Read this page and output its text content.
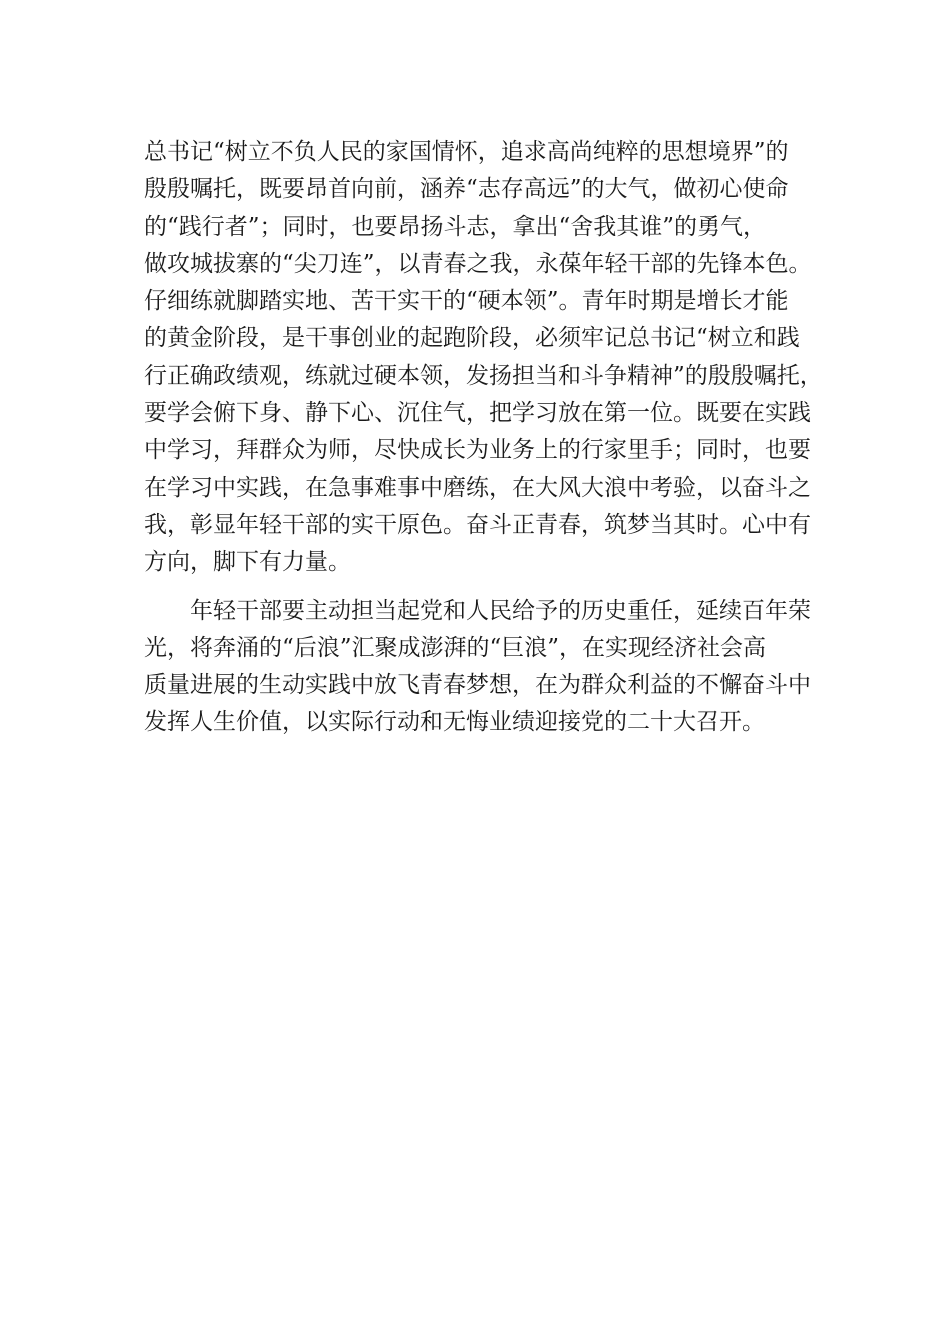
总书记“树立不负人民的家国情怀，追求高尚纯粹的思想境界”的
殷殷嘱托，既要昂首向前，涵养“志存高远”的大气，做初心使命
的“践行者”；同时，也要昂扬斗志，拿出“舍我其谁”的勇气，
做攻城拔寨的“尖刀连”，以青春之我，永葆年轻干部的先锋本色。
仔细练就脚踏实地、苦干实干的“硬本领”。青年时期是增长才能
的黄金阶段，是干事创业的起跑阶段，必须牢记总书记“树立和践
行正确政绩观，练就过硬本领，发扬担当和斗争精神”的殷殷嘱托，
要学会俯下身、静下心、沉住气，把学习放在第一位。既要在实践
中学习，拜群众为师，尽快成长为业务上的行家里手；同时，也要
在学习中实践，在急事难事中磨练，在大风大浪中考验，以奋斗之
我，彰显年轻干部的实干原色。奋斗正青春，筑梦当其时。心中有
方向，脚下有力量。
年轻干部要主动担当起党和人民给予的历史重任，延续百年荣
光，将奔涌的“后浪”汇聚成澎湃的“巨浪”，在实现经济社会高
质量进展的生动实践中放飞青春梦想，在为群众利益的不懈奋斗中
发挥人生价值，以实际行动和无悔业绩迎接党的二十大召开。
